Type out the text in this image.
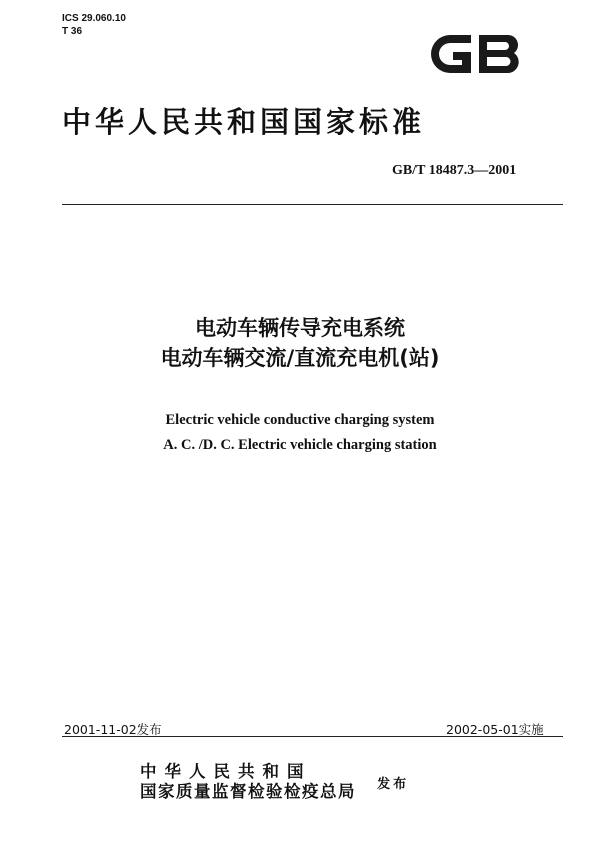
ICS 29.060.10
T 36
中华人民共和国国家标准
GB/T 18487.3—2001
电动车辆传导充电系统
电动车辆交流/直流充电机(站)
Electric vehicle conductive charging system
A. C. /D. C. Electric vehicle charging station
2001-11-02发布	2002-05-01实施
中华人民共和国
国家质量监督检验检疫总局 发布
